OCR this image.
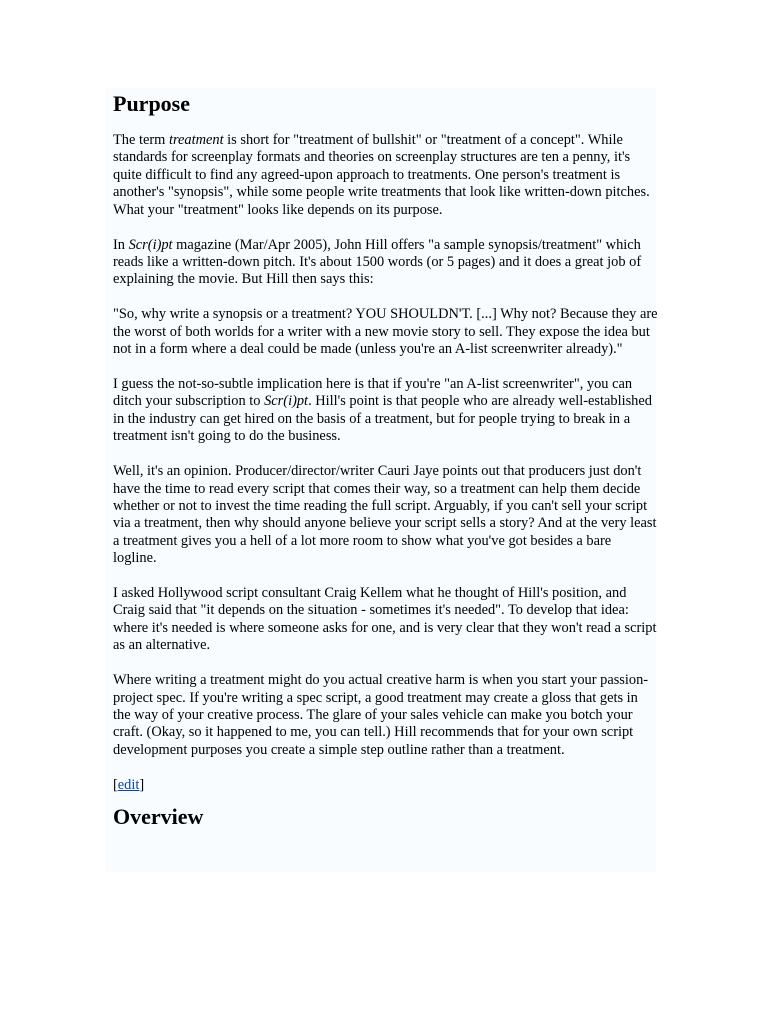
Purpose

The term treatment is short for "treatment of bullshit" or "treatment of a concept". While standards for screenplay formats and theories on screenplay structures are ten a penny, it's quite difficult to find any agreed-upon approach to treatments. One person's treatment is another's "synopsis", while some people write treatments that look like written-down pitches. What your "treatment" looks like depends on its purpose.

In Scr(i)pt magazine (Mar/Apr 2005), John Hill offers "a sample synopsis/treatment" which reads like a written-down pitch. It's about 1500 words (or 5 pages) and it does a great job of explaining the movie. But Hill then says this:

"So, why write a synopsis or a treatment? YOU SHOULDN'T. [...] Why not? Because they are the worst of both worlds for a writer with a new movie story to sell. They expose the idea but not in a form where a deal could be made (unless you're an A-list screenwriter already)."

I guess the not-so-subtle implication here is that if you're "an A-list screenwriter", you can ditch your subscription to Scr(i)pt. Hill's point is that people who are already well-established in the industry can get hired on the basis of a treatment, but for people trying to break in a treatment isn't going to do the business.

Well, it's an opinion. Producer/director/writer Cauri Jaye points out that producers just don't have the time to read every script that comes their way, so a treatment can help them decide whether or not to invest the time reading the full script. Arguably, if you can't sell your script via a treatment, then why should anyone believe your script sells a story? And at the very least a treatment gives you a hell of a lot more room to show what you've got besides a bare logline.

I asked Hollywood script consultant Craig Kellem what he thought of Hill's position, and Craig said that "it depends on the situation - sometimes it's needed". To develop that idea: where it's needed is where someone asks for one, and is very clear that they won't read a script as an alternative.

Where writing a treatment might do you actual creative harm is when you start your passion-project spec. If you're writing a spec script, a good treatment may create a gloss that gets in the way of your creative process. The glare of your sales vehicle can make you botch your craft. (Okay, so it happened to me, you can tell.) Hill recommends that for your own script development purposes you create a simple step outline rather than a treatment.

[edit]

Overview
